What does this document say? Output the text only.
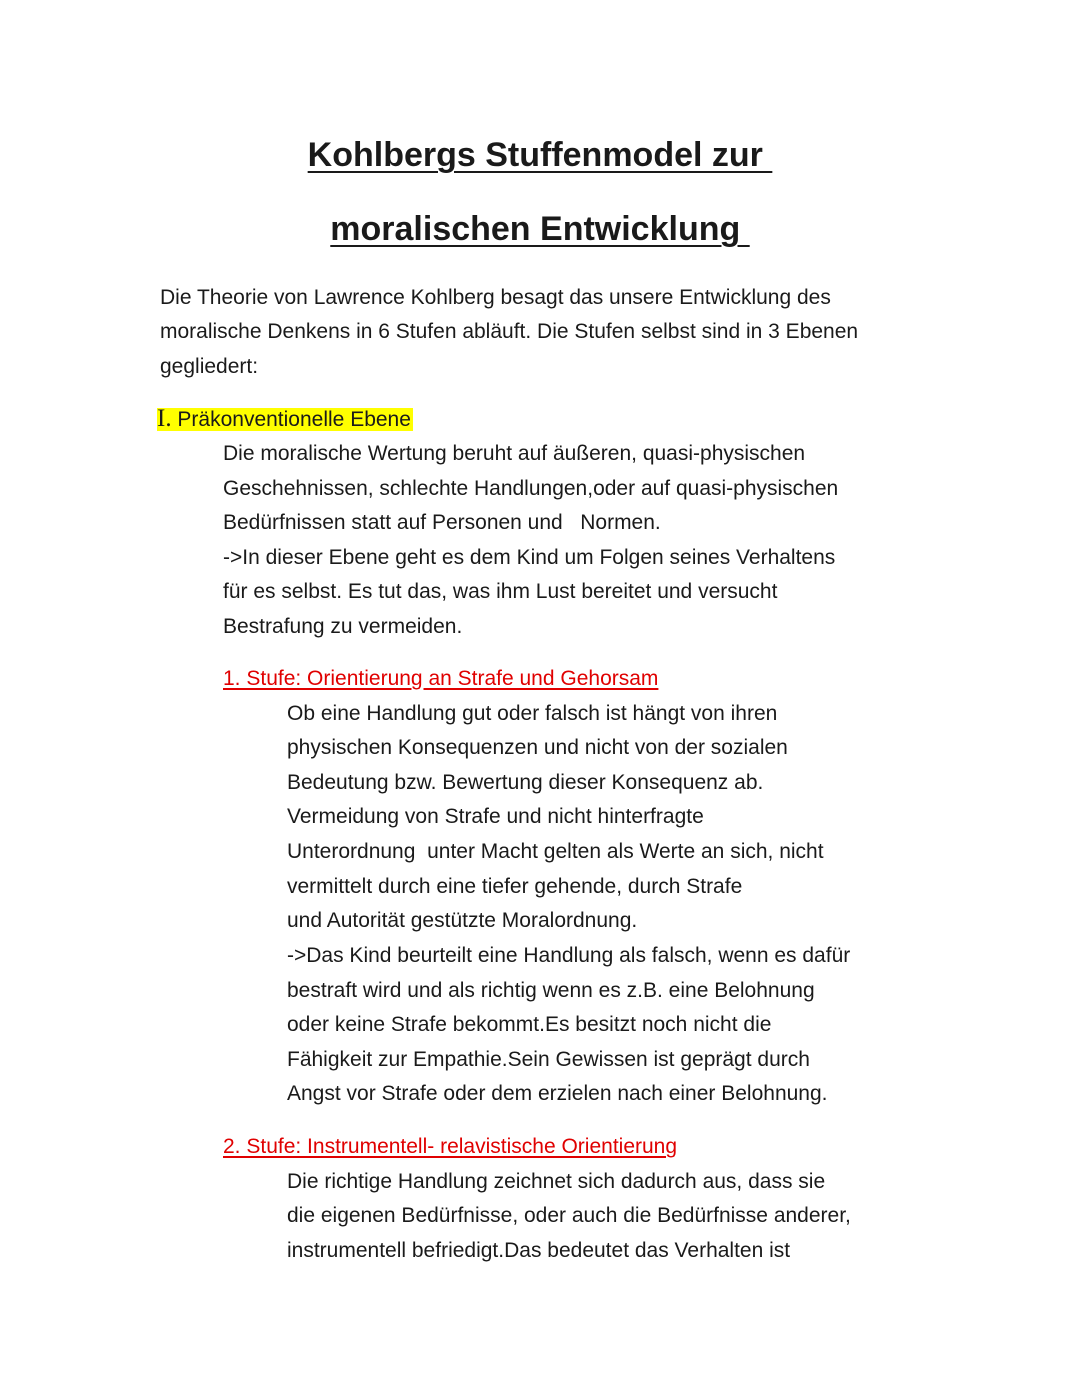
Kohlbergs Stuffenmodel zur
moralischen Entwicklung
Die Theorie von Lawrence Kohlberg besagt das unsere Entwicklung des
moralische Denkens in 6 Stufen abläuft. Die Stufen selbst sind in 3 Ebenen
gegliedert:
I. Präkonventionelle Ebene
Die moralische Wertung beruht auf äußeren, quasi-physischen
Geschehnissen, schlechte Handlungen,oder auf quasi-physischen
Bedürfnissen statt auf Personen und   Normen.
->In dieser Ebene geht es dem Kind um Folgen seines Verhaltens
für es selbst. Es tut das, was ihm Lust bereitet und versucht
Bestrafung zu vermeiden.
1. Stufe: Orientierung an Strafe und Gehorsam
Ob eine Handlung gut oder falsch ist hängt von ihren
physischen Konsequenzen und nicht von der sozialen
Bedeutung bzw. Bewertung dieser Konsequenz ab.
Vermeidung von Strafe und nicht hinterfragte
Unterordnung  unter Macht gelten als Werte an sich, nicht
vermittelt durch eine tiefer gehende, durch Strafe
und Autorität gestützte Moralordnung.
->Das Kind beurteilt eine Handlung als falsch, wenn es dafür
bestraft wird und als richtig wenn es z.B. eine Belohnung
oder keine Strafe bekommt.Es besitzt noch nicht die
Fähigkeit zur Empathie.Sein Gewissen ist geprägt durch
Angst vor Strafe oder dem erzielen nach einer Belohnung.
2. Stufe: Instrumentell- relavistische Orientierung
Die richtige Handlung zeichnet sich dadurch aus, dass sie
die eigenen Bedürfnisse, oder auch die Bedürfnisse anderer,
instrumentell befriedigt.Das bedeutet das Verhalten ist
